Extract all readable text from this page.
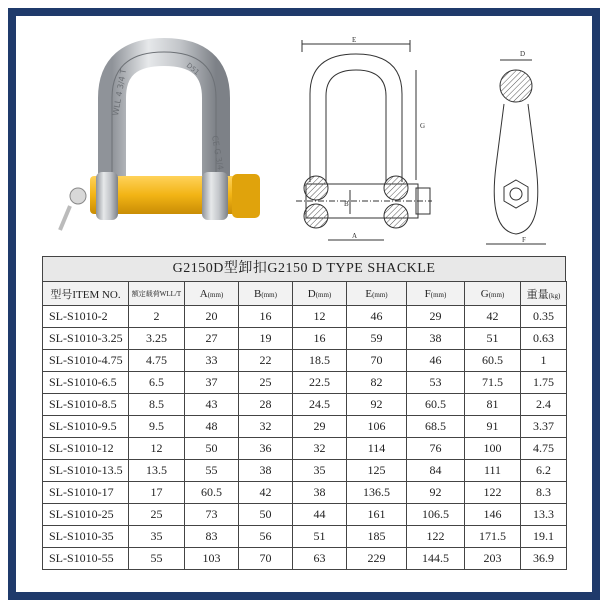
WLL 4 3/4 T
CE G 3/4
D51
E
G
B
A
D
F
G2150D型卸扣G2150 D TYPE SHACKLE
型号ITEM NO.	额定载荷WLL/T	A(mm)	B(mm)	D(mm)	E(mm)	F(mm)	G(mm)	重量(kg)
SL-S1010-2	2	20	16	12	46	29	42	0.35
SL-S1010-3.25	3.25	27	19	16	59	38	51	0.63
SL-S1010-4.75	4.75	33	22	18.5	70	46	60.5	1
SL-S1010-6.5	6.5	37	25	22.5	82	53	71.5	1.75
SL-S1010-8.5	8.5	43	28	24.5	92	60.5	81	2.4
SL-S1010-9.5	9.5	48	32	29	106	68.5	91	3.37
SL-S1010-12	12	50	36	32	114	76	100	4.75
SL-S1010-13.5	13.5	55	38	35	125	84	111	6.2
SL-S1010-17	17	60.5	42	38	136.5	92	122	8.3
SL-S1010-25	25	73	50	44	161	106.5	146	13.3
SL-S1010-35	35	83	56	51	185	122	171.5	19.1
SL-S1010-55	55	103	70	63	229	144.5	203	36.9
